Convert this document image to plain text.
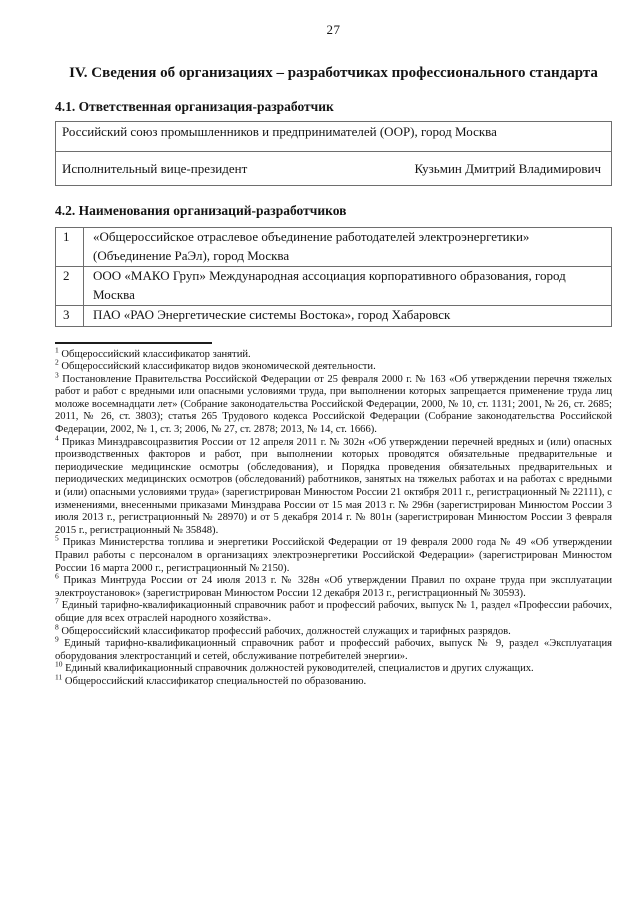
27
IV. Сведения об организациях – разработчиках профессионального стандарта
4.1. Ответственная организация-разработчик
Российский союз промышленников и предпринимателей (ООР), город Москва
Исполнительный вице-президент	Кузьмин Дмитрий Владимирович
4.2. Наименования организаций-разработчиков
1	«Общероссийское отраслевое объединение работодателей электроэнергетики» (Объединение РаЭл), город Москва
2	ООО «МАКО Груп» Международная ассоциация корпоративного образования, город Москва
3	ПАО «РАО Энергетические системы Востока», город Хабаровск

$^1$ Общероссийский классификатор занятий.

$^2$ Общероссийский классификатор видов экономической деятельности.

$^3$ Постановление Правительства Российской Федерации от 25 февраля 2000 г. № 163 «Об утверждении перечня тяжелых работ и работ с вредными или опасными условиями труда, при выполнении которых запрещается применение труда лиц моложе восемнадцати лет» (Собрание законодательства Российской Федерации, 2000, № 10, ст. 1131; 2001, № 26, ст. 2685; 2011, № 26, ст. 3803); статья 265 Трудового кодекса Российской Федерации (Собрание законодательства Российской Федерации, 2002, № 1, ст. 3; 2006, № 27, ст. 2878; 2013, № 14, ст. 1666).

$^4$ Приказ Минздравсоцразвития России от 12 апреля 2011 г. № 302н «Об утверждении перечней вредных и (или) опасных производственных факторов и работ, при выполнении которых проводятся обязательные предварительные и периодические медицинские осмотры (обследования), и Порядка проведения обязательных предварительных и периодических медицинских осмотров (обследований) работников, занятых на тяжелых работах и на работах с вредными и (или) опасными условиями труда» (зарегистрирован Минюстом России 21 октября 2011 г., регистрационный № 22111), с изменениями, внесенными приказами Минздрава России от 15 мая 2013 г. № 296н (зарегистрирован Минюстом России 3 июля 2013 г., регистрационный № 28970) и от 5 декабря 2014 г. № 801н (зарегистрирован Минюстом России 3 февраля 2015 г., регистрационный № 35848).

$^5$ Приказ Министерства топлива и энергетики Российской Федерации от 19 февраля 2000 года № 49 «Об утверждении Правил работы с персоналом в организациях электроэнергетики Российской Федерации» (зарегистрирован Минюстом России 16 марта 2000 г., регистрационный № 2150).

$^6$ Приказ Минтруда России от 24 июля 2013 г. № 328н «Об утверждении Правил по охране труда при эксплуатации электроустановок» (зарегистрирован Минюстом России 12 декабря 2013 г., регистрационный № 30593).

$^7$ Единый тарифно-квалификационный справочник работ и профессий рабочих, выпуск № 1, раздел «Профессии рабочих, общие для всех отраслей народного хозяйства».

$^8$ Общероссийский классификатор профессий рабочих, должностей служащих и тарифных разрядов.

$^9$ Единый тарифно-квалификационный справочник работ и профессий рабочих, выпуск № 9, раздел «Эксплуатация оборудования электростанций и сетей, обслуживание потребителей энергии».

$^{10}$ Единый квалификационный справочник должностей руководителей, специалистов и других служащих.

$^{11}$ Общероссийский классификатор специальностей по образованию.
